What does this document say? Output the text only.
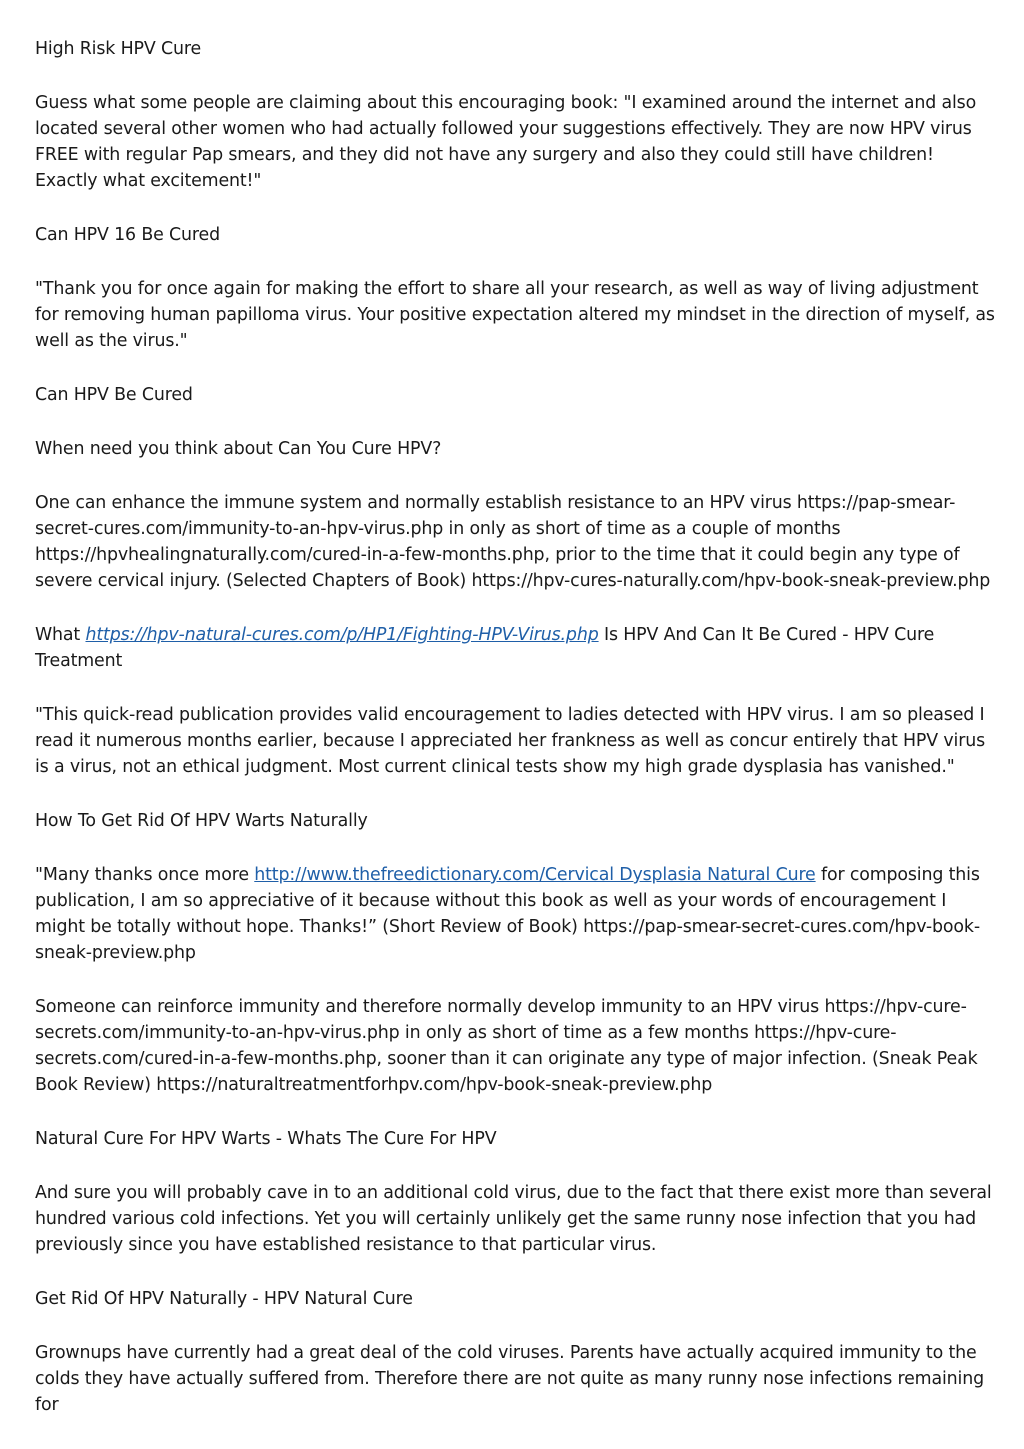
High Risk HPV Cure

Guess what some people are claiming about this encouraging book: "I examined around the internet and also located several other women who had actually followed your suggestions effectively. They are now HPV virus FREE with regular Pap smears, and they did not have any surgery and also they could still have children! Exactly what excitement!"

Can HPV 16 Be Cured

"Thank you for once again for making the effort to share all your research, as well as way of living adjustment for removing human papilloma virus. Your positive expectation altered my mindset in the direction of myself, as well as the virus."

Can HPV Be Cured

When need you think about Can You Cure HPV?

One can enhance the immune system and normally establish resistance to an HPV virus https://pap-smear-secret-cures.com/immunity-to-an-hpv-virus.php in only as short of time as a couple of months https://hpvhealingnaturally.com/cured-in-a-few-months.php, prior to the time that it could begin any type of severe cervical injury. (Selected Chapters of Book) https://hpv-cures-naturally.com/hpv-book-sneak-preview.php

What https://hpv-natural-cures.com/p/HP1/Fighting-HPV-Virus.php Is HPV And Can It Be Cured - HPV Cure Treatment

"This quick-read publication provides valid encouragement to ladies detected with HPV virus. I am so pleased I read it numerous months earlier, because I appreciated her frankness as well as concur entirely that HPV virus is a virus, not an ethical judgment. Most current clinical tests show my high grade dysplasia has vanished."

How To Get Rid Of HPV Warts Naturally

"Many thanks once more http://www.thefreedictionary.com/Cervical Dysplasia Natural Cure for composing this publication, I am so appreciative of it because without this book as well as your words of encouragement I might be totally without hope. Thanks!” (Short Review of Book) https://pap-smear-secret-cures.com/hpv-book-sneak-preview.php

Someone can reinforce immunity and therefore normally develop immunity to an HPV virus https://hpv-cure-secrets.com/immunity-to-an-hpv-virus.php in only as short of time as a few months https://hpv-cure-secrets.com/cured-in-a-few-months.php, sooner than it can originate any type of major infection. (Sneak Peak Book Review) https://naturaltreatmentforhpv.com/hpv-book-sneak-preview.php

Natural Cure For HPV Warts - Whats The Cure For HPV

And sure you will probably cave in to an additional cold virus, due to the fact that there exist more than several hundred various cold infections. Yet you will certainly unlikely get the same runny nose infection that you had previously since you have established resistance to that particular virus.

Get Rid Of HPV Naturally - HPV Natural Cure

Grownups have currently had a great deal of the cold viruses. Parents have actually acquired immunity to the colds they have actually suffered from. Therefore there are not quite as many runny nose infections remaining for
